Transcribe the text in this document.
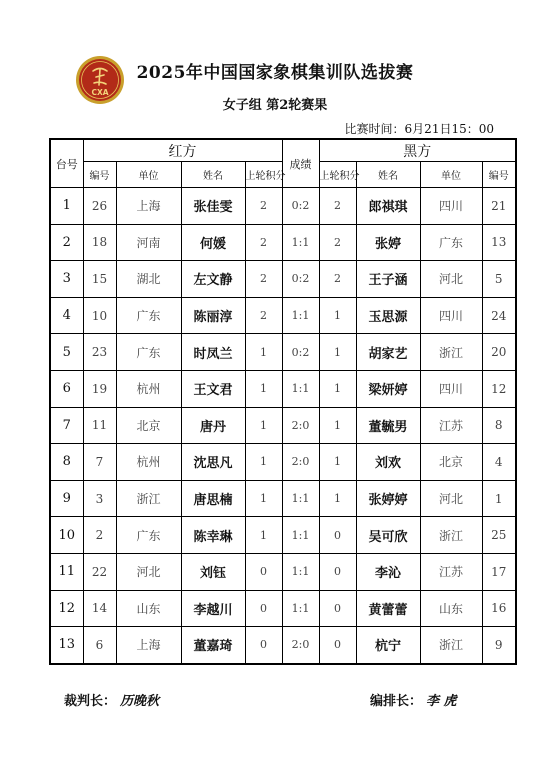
CXA
2025年中国国家象棋集训队选拔赛
女子组 第2轮赛果
比赛时间：6月21日15：00
台号	红方				成绩	黑方			
	编号	单位	姓名	上轮积分		上轮积分	姓名	单位	编号
1	26	上海	张佳雯	2	0:2	2	郎祺琪	四川	21
2	18	河南	何媛	2	1:1	2	张婷	广东	13
3	15	湖北	左文静	2	0:2	2	王子涵	河北	5
4	10	广东	陈丽淳	2	1:1	1	玉思源	四川	24
5	23	广东	时凤兰	1	0:2	1	胡家艺	浙江	20
6	19	杭州	王文君	1	1:1	1	梁妍婷	四川	12
7	11	北京	唐丹	1	2:0	1	董毓男	江苏	8
8	7	杭州	沈思凡	1	2:0	1	刘欢	北京	4
9	3	浙江	唐思楠	1	1:1	1	张婷婷	河北	1
10	2	广东	陈幸琳	1	1:1	0	吴可欣	浙江	25
11	22	河北	刘钰	0	1:1	0	李沁	江苏	17
12	14	山东	李越川	0	1:1	0	黄蕾蕾	山东	16
13	6	上海	董嘉琦	0	2:0	0	杭宁	浙江	9
裁判长： 历晚秋	编排长： 李 虎
